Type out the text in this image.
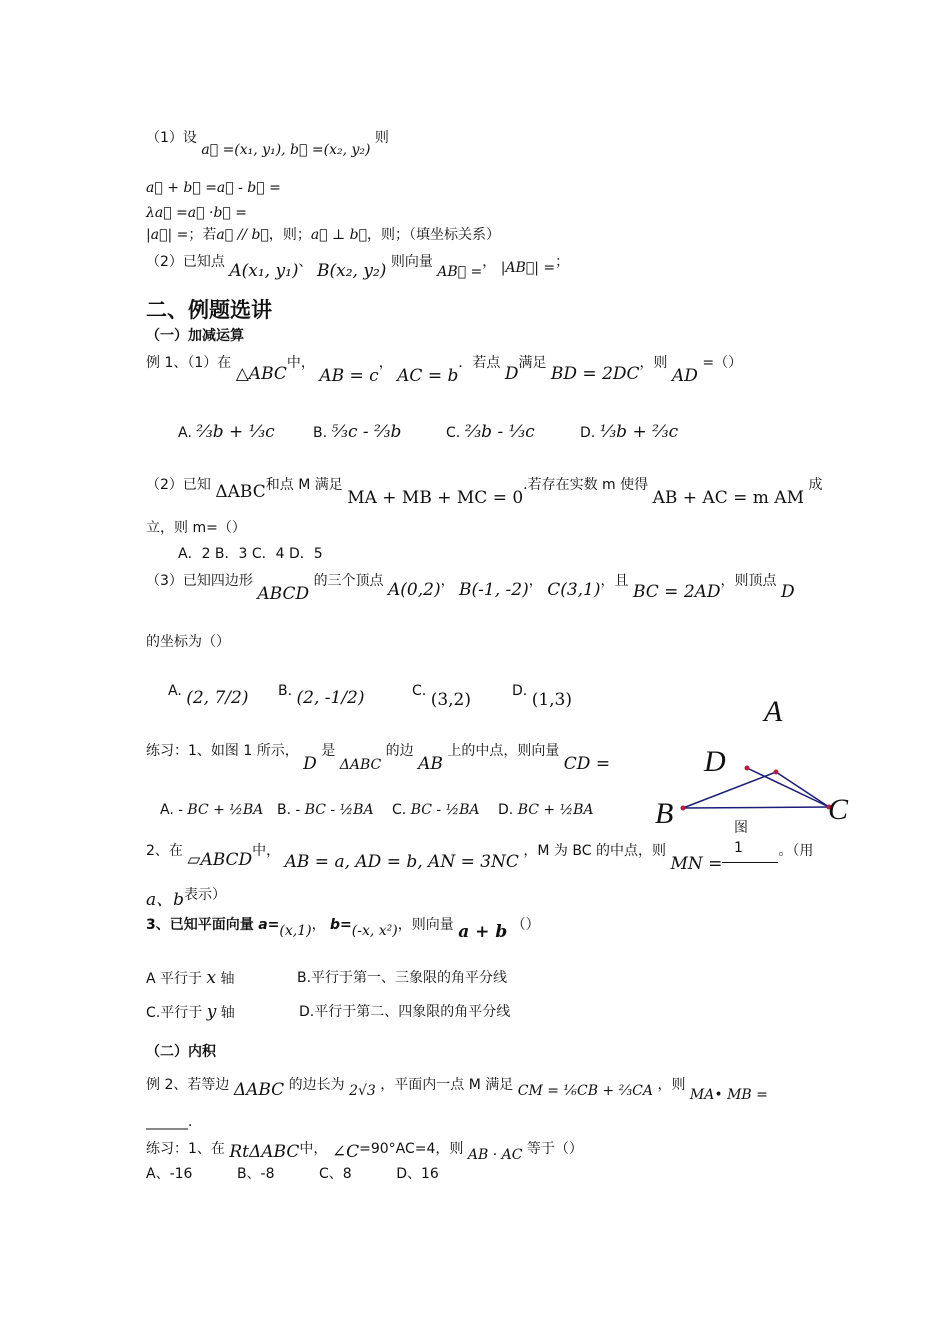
（1）设 a⃗ =(x₁, y₁), b⃗ =(x₂, y₂) 则
a⃗ + b⃗ =a⃗ - b⃗ =
λa⃗ =a⃗ ·b⃗ =
|a⃗| =；若a⃗ // b⃗，则；a⃗ ⊥ b⃗，则；（填坐标关系）
（2）已知点 A(x₁, y₁)、 B(x₂, y₂) 则向量 AB⃗ =， |AB⃗| =；
二、例题选讲
（一）加减运算
例 1、（1）在 △ABC中， AB = c， AC = b．若点 D满足 BD = 2DC，则 AD =（）
A. ⅔b + ⅓c	B. ⁵⁄₃c - ⅔b	C. ⅔b - ⅓c	D. ⅓b + ⅔c
（2）已知 ΔABC和点 M 满足 MA + MB + MC = 0.若存在实数 m 使得 AB + AC = m AM 成
立，则 m=（）
A．2 B．3 C．4 D．5
（3）已知四边形 ABCD 的三个顶点 A(0,2)， B(-1, -2)， C(3,1)，且 BC = 2AD，则顶点 D
的坐标为（）
A. (2, 7/2) B. (2, -1/2)	C. (3,2)	D. (1,3)
练习：1、如图 1 所示， D 是 ΔABC 的边 AB 上的中点，则向量 CD =
A. - BC + ½BA B. - BC - ½BA C. BC - ½BA D. BC + ½BA
2、在 ▱ABCD中， AB = a, AD = b, AN = 3NC ，M 为 BC 的中点，则 MN =。（用
a、b表示）
3、已知平面向量 a=(x,1)， b=(-x, x²)，则向量 a + b （）
A 平行于 x 轴	B.平行于第一、三象限的角平分线
C.平行于 y 轴	D.平行于第二、四象限的角平分线
（二）内积
例 2、若等边 ΔABC 的边长为 2√3 ，平面内一点 M 满足 CM = ⅙CB + ⅔CA ，则 MA• MB =
______.
练习：1、在 RtΔABC中， ∠C=90°AC=4，则 AB · AC 等于（）
A、-16          B、-8          C、8          D、16
A
D
B	C
图
1
